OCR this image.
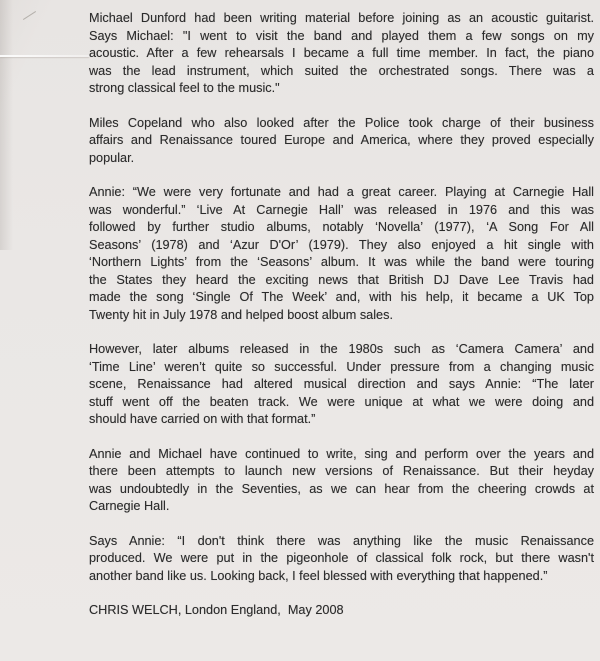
Michael Dunford had been writing material before joining as an acoustic guitarist.
Says Michael: "I went to visit the band and played them a few songs on my
acoustic. After a few rehearsals I became a full time member. In fact, the piano
was the lead instrument, which suited the orchestrated songs. There was a
strong classical feel to the music."
Miles Copeland who also looked after the Police took charge of their business
affairs and Renaissance toured Europe and America, where they proved especially
popular.
Annie: “We were very fortunate and had a great career. Playing at Carnegie Hall
was wonderful.” ‘Live At Carnegie Hall’ was released in 1976 and this was
followed by further studio albums, notably ‘Novella’ (1977), ‘A Song For All
Seasons’ (1978) and ‘Azur D'Or’ (1979). They also enjoyed a hit single with
‘Northern Lights’ from the ‘Seasons’ album. It was while the band were touring
the States they heard the exciting news that British DJ Dave Lee Travis had
made the song ‘Single Of The Week’ and, with his help, it became a UK Top
Twenty hit in July 1978 and helped boost album sales.
However, later albums released in the 1980s such as ‘Camera Camera’ and
‘Time Line’ weren’t quite so successful. Under pressure from a changing music
scene, Renaissance had altered musical direction and says Annie: “The later
stuff went off the beaten track. We were unique at what we were doing and
should have carried on with that format.”
Annie and Michael have continued to write, sing and perform over the years and
there been attempts to launch new versions of Renaissance. But their heyday
was undoubtedly in the Seventies, as we can hear from the cheering crowds at
Carnegie Hall.
Says Annie: “I don't think there was anything like the music Renaissance
produced. We were put in the pigeonhole of classical folk rock, but there wasn't
another band like us. Looking back, I feel blessed with everything that happened.”
CHRIS WELCH, London England,  May 2008
